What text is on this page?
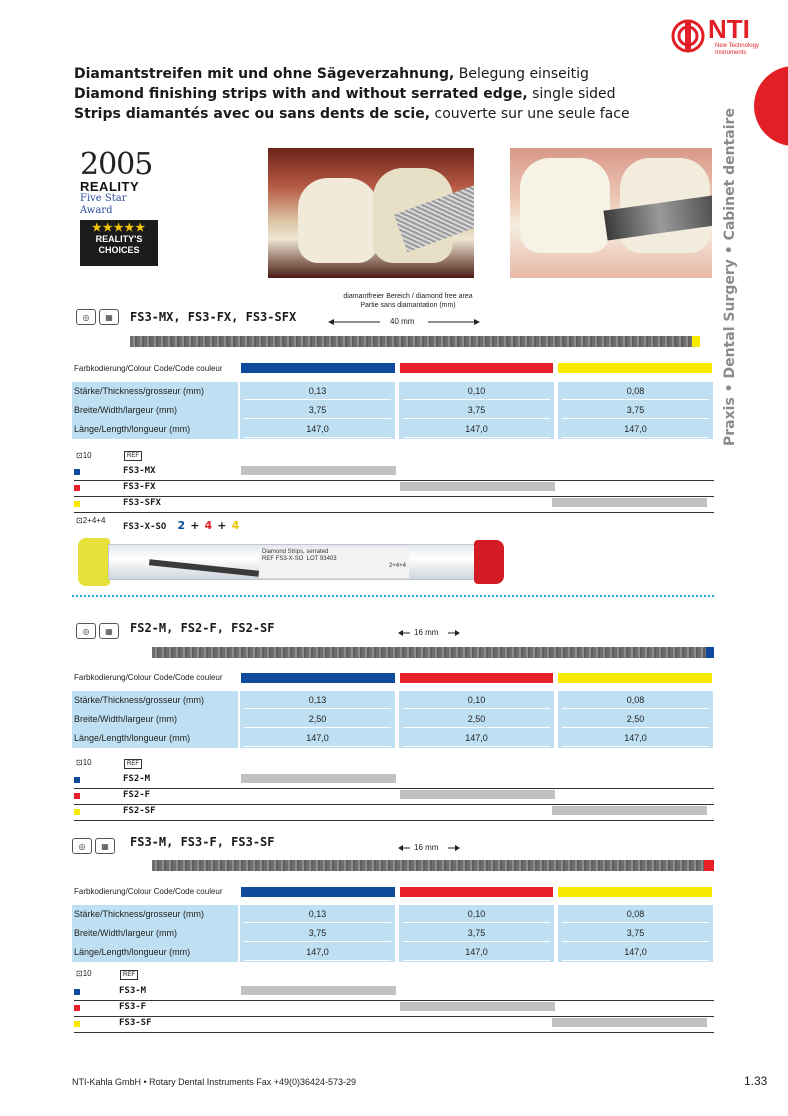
NTI
New Technology Instruments
Praxis • Dental Surgery • Cabinet dentaire
Diamantstreifen mit und ohne Sägeverzahnung, Belegung einseitig
Diamond finishing strips with and without serrated edge, single sided
Strips diamantés avec ou sans dents de scie, couverte sur une seule face
2005
REALITY
Five Star Award
★★★★★
REALITY'S
CHOICES
◎	▦	FS3-MX, FS3-FX, FS3-SFX
diamantfreier Bereich / diamond free area
Partie sans diamantation (mm)
40 mm
Farbkodierung/Colour Code/Code couleur
Stärke/Thickness/grosseur (mm)	0,13	0,10	0,08
Breite/Width/largeur (mm)	3,75	3,75	3,75
Länge/Length/longueur (mm)	147,0	147,0	147,0
⊡10	REF
FS3-MX
FS3-FX
FS3-SFX
⊡2+4+4
FS3-X-SO 2 + 4 + 4
Diamond Strips, serrated
REF FS3-X-SO  LOT 93403
2+4+4
◎	▦	FS2-M, FS2-F, FS2-SF	16 mm
Farbkodierung/Colour Code/Code couleur
Stärke/Thickness/grosseur (mm)	0,13	0,10	0,08
Breite/Width/largeur (mm)	2,50	2,50	2,50
Länge/Length/longueur (mm)	147,0	147,0	147,0
⊡10	REF
FS2-M
FS2-F
FS2-SF
◎	▦	FS3-M, FS3-F, FS3-SF	16 mm
Farbkodierung/Colour Code/Code couleur
Stärke/Thickness/grosseur (mm)	0,13	0,10	0,08
Breite/Width/largeur (mm)	3,75	3,75	3,75
Länge/Length/longueur (mm)	147,0	147,0	147,0
⊡10	REF
FS3-M
FS3-F
FS3-SF
NTI-Kahla GmbH • Rotary Dental Instruments Fax +49(0)36424-573-29	1.33
